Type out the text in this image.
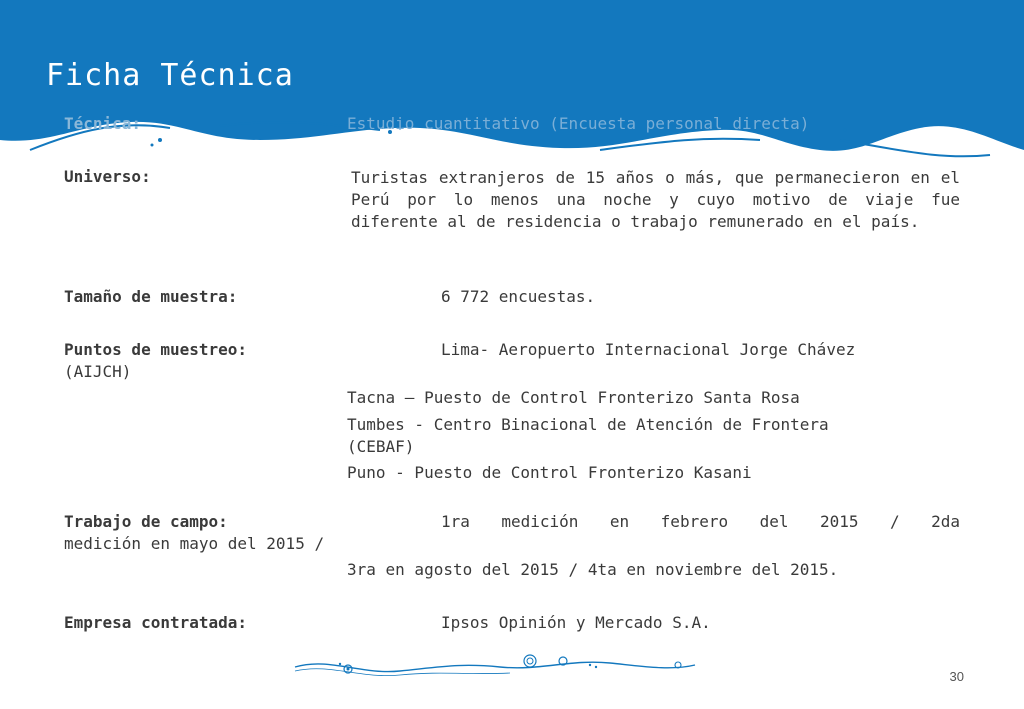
Ficha Técnica
Técnica:	Estudio cuantitativo (Encuesta personal directa)
Universo:	Turistas extranjeros de 15 años o más, que permanecieron en el Perú por lo menos una noche y cuyo motivo de viaje fue diferente al de residencia o trabajo remunerado en el país.
Tamaño de muestra:	6 772 encuestas.
Puntos de muestreo:	Lima- Aeropuerto Internacional Jorge Chávez
(AIJCH)
Tacna – Puesto de Control Fronterizo Santa Rosa
Tumbes - Centro Binacional de Atención de Frontera
(CEBAF)
Puno - Puesto de Control Fronterizo Kasani
Trabajo de campo:	1ra medición en febrero del 2015 / 2da
medición en mayo del 2015 /
3ra en agosto del 2015 / 4ta en noviembre del 2015.
Empresa contratada:	Ipsos Opinión y Mercado S.A.
30
